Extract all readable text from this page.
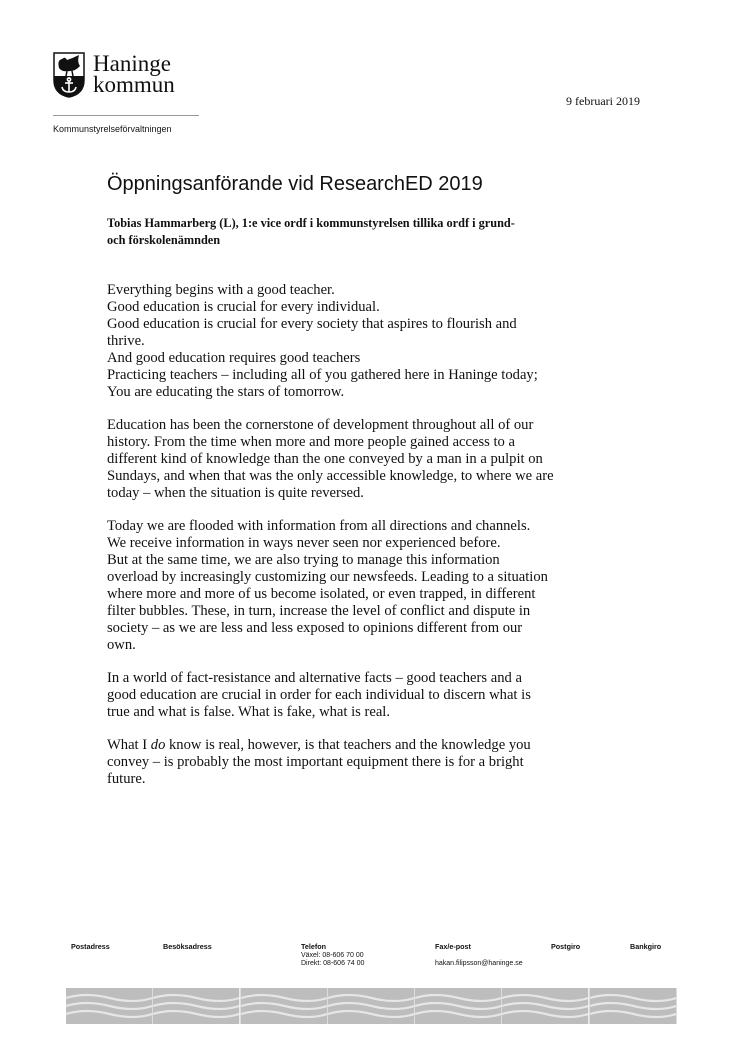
Haninge
kommun
Kommunstyrelseförvaltningen
9 februari 2019
Öppningsanförande vid ResearchED 2019
Tobias Hammarberg (L), 1:e vice ordf i kommunstyrelsen tillika ordf i grund-
och förskolenämnden
Everything begins with a good teacher.
Good education is crucial for every individual.
Good education is crucial for every society that aspires to flourish and
thrive.
And good education requires good teachers
Practicing teachers – including all of you gathered here in Haninge today;
You are educating the stars of tomorrow.
Education has been the cornerstone of development throughout all of our
history. From the time when more and more people gained access to a
different kind of knowledge than the one conveyed by a man in a pulpit on
Sundays, and when that was the only accessible knowledge, to where we are
today – when the situation is quite reversed.
Today we are flooded with information from all directions and channels.
We receive information in ways never seen nor experienced before.
But at the same time, we are also trying to manage this information
overload by increasingly customizing our newsfeeds. Leading to a situation
where more and more of us become isolated, or even trapped, in different
filter bubbles. These, in turn, increase the level of conflict and dispute in
society – as we are less and less exposed to opinions different from our
own.
In a world of fact-resistance and alternative facts – good teachers and a
good education are crucial in order for each individual to discern what is
true and what is false. What is fake, what is real.
What I do know is real, however, is that teachers and the knowledge you
convey – is probably the most important equipment there is for a bright
future.
Postadress	Besöksadress	Telefon
Växel: 08-606 70 00
Direkt: 08-606 74 00
Fax/e-post

hakan.filipsson@haninge.se
Postgiro	Bankgiro
